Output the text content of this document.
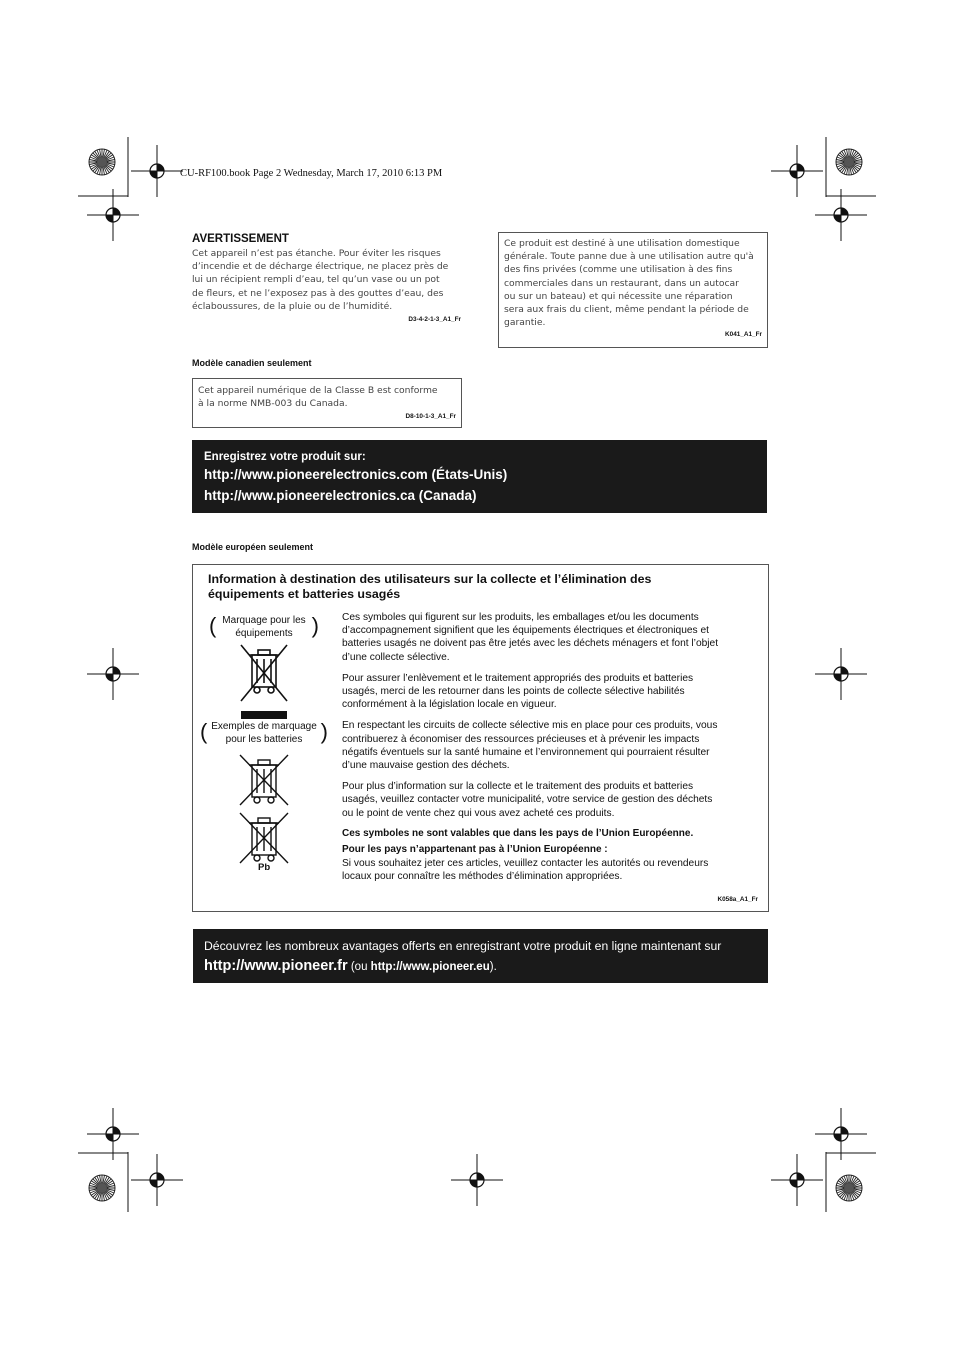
CU-RF100.book Page 2 Wednesday, March 17, 2010 6:13 PM
AVERTISSEMENT
Cet appareil n’est pas étanche. Pour éviter les risques
d’incendie et de décharge électrique, ne placez près de
lui un récipient rempli d’eau, tel qu’un vase ou un pot
de fleurs, et ne l’exposez pas à des gouttes d’eau, des
éclaboussures, de la pluie ou de l’humidité.
D3-4-2-1-3_A1_Fr
Ce produit est destiné à une utilisation domestique
générale. Toute panne due à une utilisation autre qu'à
des fins privées (comme une utilisation à des fins
commerciales dans un restaurant, dans un autocar
ou sur un bateau) et qui nécessite une réparation
sera aux frais du client, même pendant la période de
garantie.
K041_A1_Fr
Modèle canadien seulement
Cet appareil numérique de la Classe B est conforme
à la norme NMB-003 du Canada.
D8-10-1-3_A1_Fr
Enregistrez votre produit sur:
http://www.pioneerelectronics.com (États-Unis)
http://www.pioneerelectronics.ca (Canada)
Modèle européen seulement
Information à destination des utilisateurs sur la collecte et l’élimination des
équipements et batteries usagés
( Marquage pour les
équipements )
( Exemples de marquage
pour les batteries )
Pb
Ces symboles qui figurent sur les produits, les emballages et/ou les documents
d’accompagnement signifient que les équipements électriques et électroniques et
batteries usagés ne doivent pas être jetés avec les déchets ménagers et font l’objet
d’une collecte sélective.
Pour assurer l’enlèvement et le traitement appropriés des produits et batteries
usagés, merci de les retourner dans les points de collecte sélective habilités
conformément à la législation locale en vigueur.
En respectant les circuits de collecte sélective mis en place pour ces produits, vous
contribuerez à économiser des ressources précieuses et à prévenir les impacts
négatifs éventuels sur la santé humaine et l’environnement qui pourraient résulter
d’une mauvaise gestion des déchets.
Pour plus d’information sur la collecte et le traitement des produits et batteries
usagés, veuillez contacter votre municipalité, votre service de gestion des déchets
ou le point de vente chez qui vous avez acheté ces produits.
Ces symboles ne sont valables que dans les pays de l’Union Européenne.
Pour les pays n’appartenant pas à l’Union Européenne :
Si vous souhaitez jeter ces articles, veuillez contacter les autorités ou revendeurs
locaux pour connaître les méthodes d’élimination appropriées.
K058a_A1_Fr
Découvrez les nombreux avantages offerts en enregistrant votre produit en ligne maintenant sur
http://www.pioneer.fr (ou http://www.pioneer.eu).
